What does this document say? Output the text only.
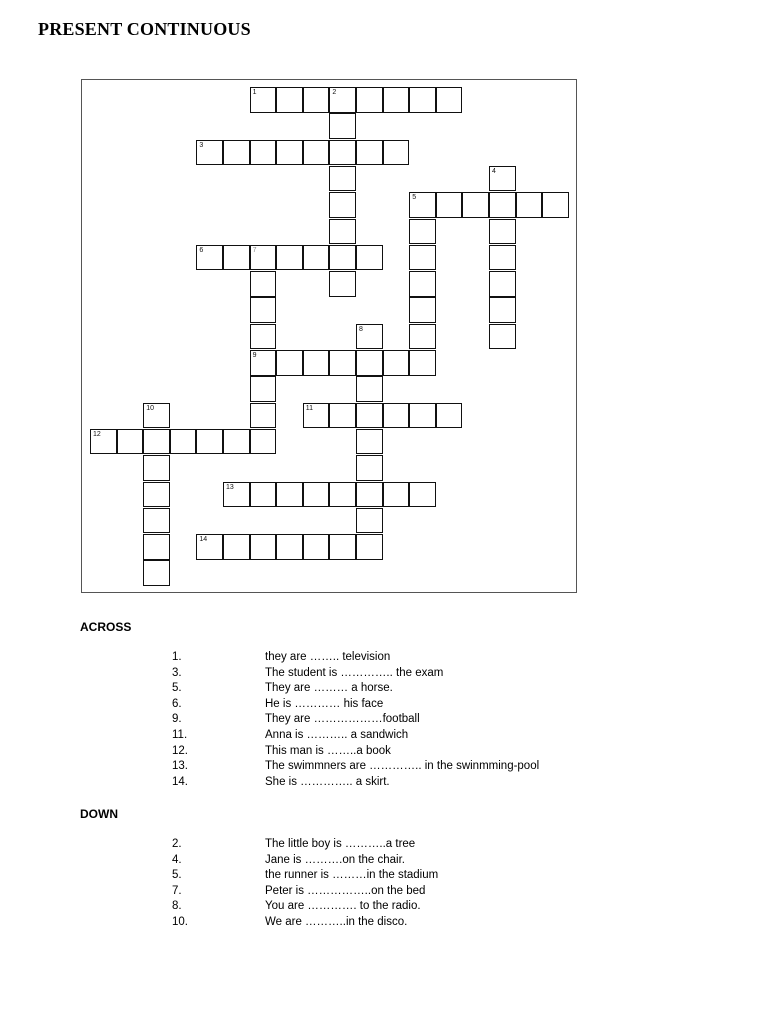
PRESENT CONTINUOUS
1	2
3
4
5
6	7
9
8
10	11
12
13
14
ACROSS
1.	they are …….. television
3.	The student is ………….. the exam
5.	They are ……… a horse.
6.	He is ………… his face
9.	They are ………………football
11.	Anna is ……….. a sandwich
12.	This man is ……..a book
13.	The swimmners are ………….. in the swinmming-pool
14.	She is ………….. a skirt.
DOWN
2.	The little boy is ………..a tree
4.	Jane is ……….on the chair.
5.	the runner is ………in the stadium
7.	Peter is ……………..on the bed
8.	You are …………. to the radio.
10.	We are ………..in the disco.
